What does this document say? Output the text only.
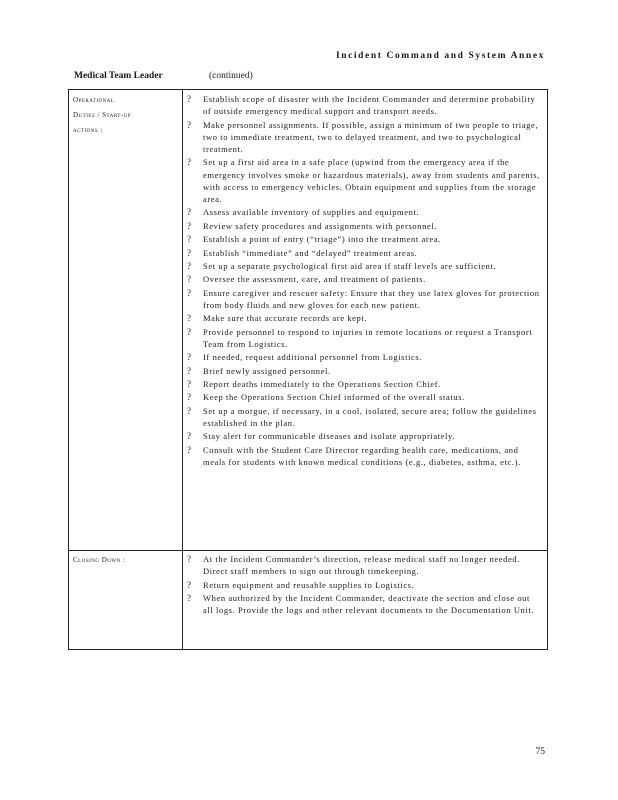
Incident Command and System Annex
Medical Team Leader	(continued)
Operational
Duties / Start-up
actions :
? Establish scope of disaster with the Incident Commander and determine probability of outside emergency medical support and transport needs.
? Make personnel assignments. If possible, assign a minimum of two people to triage, two to immediate treatment, two to delayed treatment, and two to psychological treatment.
? Set up a first aid area in a safe place (upwind from the emergency area if the emergency involves smoke or hazardous materials), away from students and parents, with access to emergency vehicles. Obtain equipment and supplies from the storage area.
? Assess available inventory of supplies and equipment.
? Review safety procedures and assignments with personnel.
? Establish a point of entry (“triage”) into the treatment area.
? Establish “immediate” and “delayed” treatment areas.
? Set up a separate psychological first aid area if staff levels are sufficient.
? Oversee the assessment, care, and treatment of patients.
? Ensure caregiver and rescuer safety: Ensure that they use latex gloves for protection from body fluids and new gloves for each new patient.
? Make sure that accurate records are kept.
? Provide personnel to respond to injuries in remote locations or request a Transport Team from Logistics.
? If needed, request additional personnel from Logistics.
? Brief newly assigned personnel.
? Report deaths immediately to the Operations Section Chief.
? Keep the Operations Section Chief informed of the overall status.
? Set up a morgue, if necessary, in a cool, isolated, secure area; follow the guidelines established in the plan.
? Stay alert for communicable diseases and isolate appropriately.
? Consult with the Student Care Director regarding health care, medications, and meals for students with known medical conditions (e.g., diabetes, asthma, etc.).
Closing Down :	? At the Incident Commander’s direction, release medical staff no longer needed. Direct staff members to sign out through timekeeping.
? Return equipment and reusable supplies to Logistics.
? When authorized by the Incident Commander, deactivate the section and close out all logs. Provide the logs and other relevant documents to the Documentation Unit.
75
